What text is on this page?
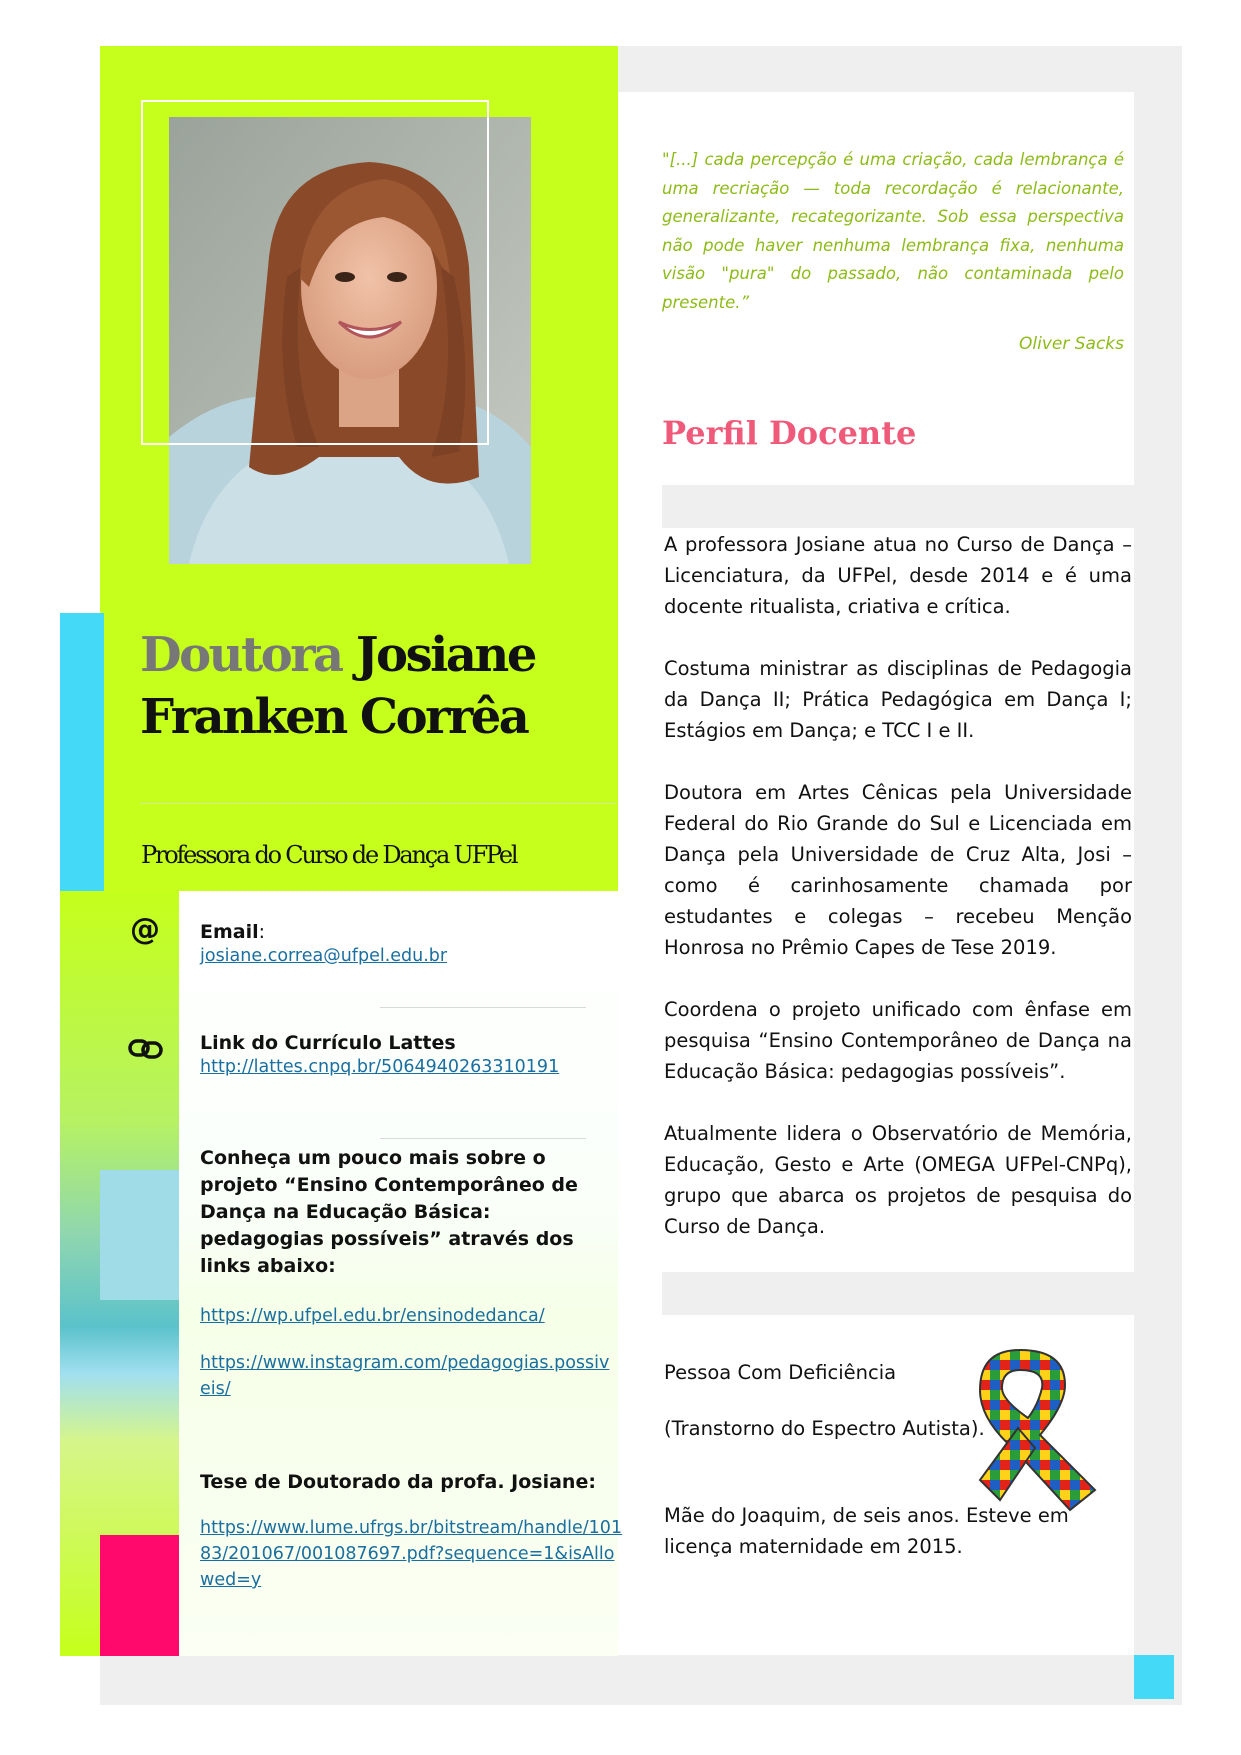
Doutora Josiane Franken Corrêa

Professora do Curso de Dança UFPel

@ Email:

josiane.correa@ufpel.edu.br

Link do Currículo Lattes

http://lattes.cnpq.br/5064940263310191

Conheça um pouco mais sobre o projeto “Ensino Contemporâneo de Dança na Educação Básica: pedagogias possíveis” através dos links abaixo:

https://wp.ufpel.edu.br/ensinodedanca/

https://www.instagram.com/pedagogias.possiveis/

Tese de Doutorado da profa. Josiane:

https://www.lume.ufrgs.br/bitstream/handle/10183/201067/001087697.pdf?sequence=1&isAllowed=y

"[...] cada percepção é uma criação, cada lembrança é uma recriação — toda recordação é relacionante, generalizante, recategorizante. Sob essa perspectiva não pode haver nenhuma lembrança fixa, nenhuma visão "pura" do passado, não contaminada pelo presente.”

Oliver Sacks

Perfil Docente

A professora Josiane atua no Curso de Dança – Licenciatura, da UFPel, desde 2014 e é uma docente ritualista, criativa e crítica.

Costuma ministrar as disciplinas de Pedagogia da Dança II; Prática Pedagógica em Dança I; Estágios em Dança; e TCC I e II.

Doutora em Artes Cênicas pela Universidade Federal do Rio Grande do Sul e Licenciada em Dança pela Universidade de Cruz Alta, Josi – como é carinhosamente chamada por estudantes e colegas – recebeu Menção Honrosa no Prêmio Capes de Tese 2019.

Coordena o projeto unificado com ênfase em pesquisa “Ensino Contemporâneo de Dança na Educação Básica: pedagogias possíveis”.

Atualmente lidera o Observatório de Memória, Educação, Gesto e Arte (OMEGA UFPel-CNPq), grupo que abarca os projetos de pesquisa do Curso de Dança.

Pessoa Com Deficiência

(Transtorno do Espectro Autista).

Mãe do Joaquim, de seis anos. Esteve em licença maternidade em 2015.
